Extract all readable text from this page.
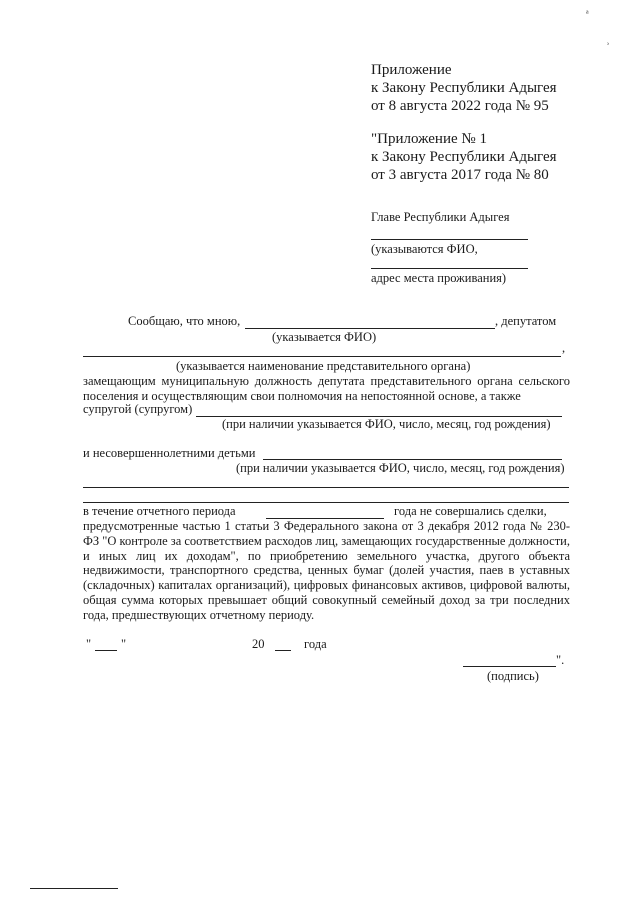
ᵃ
ʾ
Приложение
к Закону Республики Адыгея
от 8 августа 2022 года № 95
"Приложение № 1
к Закону Республики Адыгея
от 3 августа 2017 года № 80
Главе Республики Адыгея
(указываются ФИО,
адрес места проживания)
Сообщаю, что мною,	, депутатом
(указывается ФИО)
,
(указывается наименование представительного органа)
замещающим муниципальную должность депутата представительного органа сельского поселения и осуществляющим свои полномочия на непостоянной основе, а также
супругой (супругом)
(при наличии указывается ФИО, число, месяц, год рождения)
и несовершеннолетними детьми
(при наличии указывается ФИО, число, месяц, год рождения)
в течение отчетного периода	года не совершались сделки,
предусмотренные частью 1 статьи 3 Федерального закона от 3 декабря 2012 года № 230-ФЗ "О контроле за соответствием расходов лиц, замещающих государственные должности, и иных лиц их доходам", по приобретению земельного участка, другого объекта недвижимости, транспортного средства, ценных бумаг (долей участия, паев в уставных (складочных) капиталах организаций), цифровых финансовых активов, цифровой валюты, общая сумма которых превышает общий совокупный семейный доход за три последних года, предшествующих отчетному периоду.
" "	20	года
".
(подпись)
